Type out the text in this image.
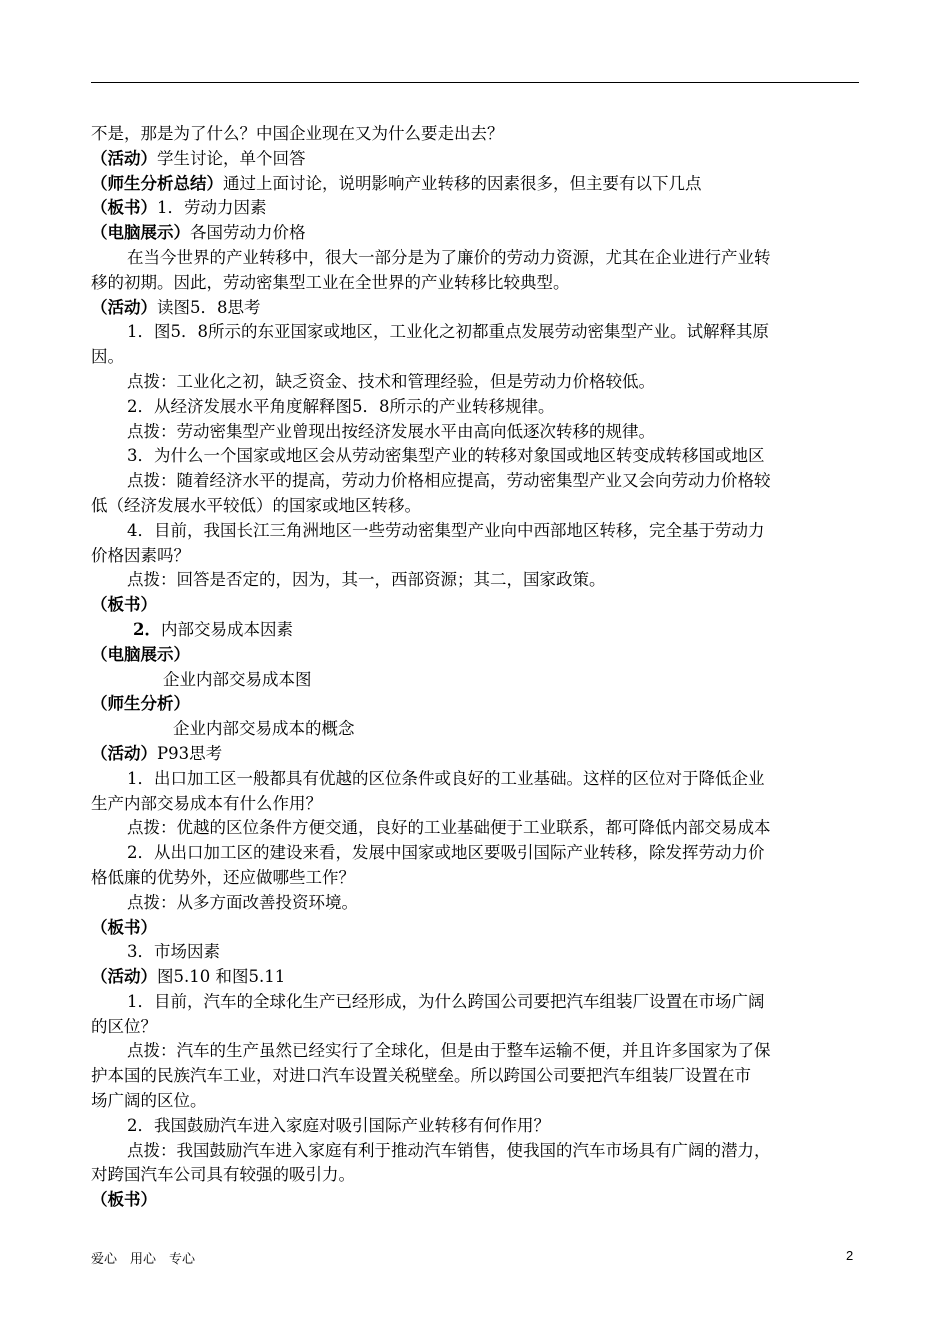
不是，那是为了什么？中国企业现在又为什么要走出去？
（活动）学生讨论，单个回答
（师生分析总结）通过上面讨论，说明影响产业转移的因素很多，但主要有以下几点
（板书）1．劳动力因素
（电脑展示）各国劳动力价格
在当今世界的产业转移中，很大一部分是为了廉价的劳动力资源，尤其在企业进行产业转
移的初期。因此，劳动密集型工业在全世界的产业转移比较典型。
（活动）读图5．8思考
1．图5．8所示的东亚国家或地区，工业化之初都重点发展劳动密集型产业。试解释其原
因。
点拨：工业化之初，缺乏资金、技术和管理经验，但是劳动力价格较低。
2．从经济发展水平角度解释图5．8所示的产业转移规律。
点拨：劳动密集型产业曾现出按经济发展水平由高向低逐次转移的规律。
3．为什么一个国家或地区会从劳动密集型产业的转移对象国或地区转变成转移国或地区
点拨：随着经济水平的提高，劳动力价格相应提高，劳动密集型产业又会向劳动力价格较
低（经济发展水平较低）的国家或地区转移。
4．目前，我国长江三角洲地区一些劳动密集型产业向中西部地区转移，完全基于劳动力
价格因素吗？
点拨：回答是否定的，因为，其一，西部资源；其二，国家政策。
（板书）
2．内部交易成本因素
（电脑展示）
企业内部交易成本图
（师生分析）
企业内部交易成本的概念
（活动）P93思考
1．出口加工区一般都具有优越的区位条件或良好的工业基础。这样的区位对于降低企业
生产内部交易成本有什么作用？
点拨：优越的区位条件方便交通，良好的工业基础便于工业联系，都可降低内部交易成本
2．从出口加工区的建设来看，发展中国家或地区要吸引国际产业转移，除发挥劳动力价
格低廉的优势外，还应做哪些工作？
点拨：从多方面改善投资环境。
（板书）
3．市场因素
（活动）图5.10 和图5.11
1．目前，汽车的全球化生产已经形成，为什么跨国公司要把汽车组装厂设置在市场广阔
的区位？
点拨：汽车的生产虽然已经实行了全球化，但是由于整车运输不便，并且许多国家为了保
护本国的民族汽车工业，对进口汽车设置关税壁垒。所以跨国公司要把汽车组装厂设置在市
场广阔的区位。
2．我国鼓励汽车进入家庭对吸引国际产业转移有何作用？
点拨：我国鼓励汽车进入家庭有利于推动汽车销售，使我国的汽车市场具有广阔的潜力，
对跨国汽车公司具有较强的吸引力。
（板书）
爱心　用心　专心	2
